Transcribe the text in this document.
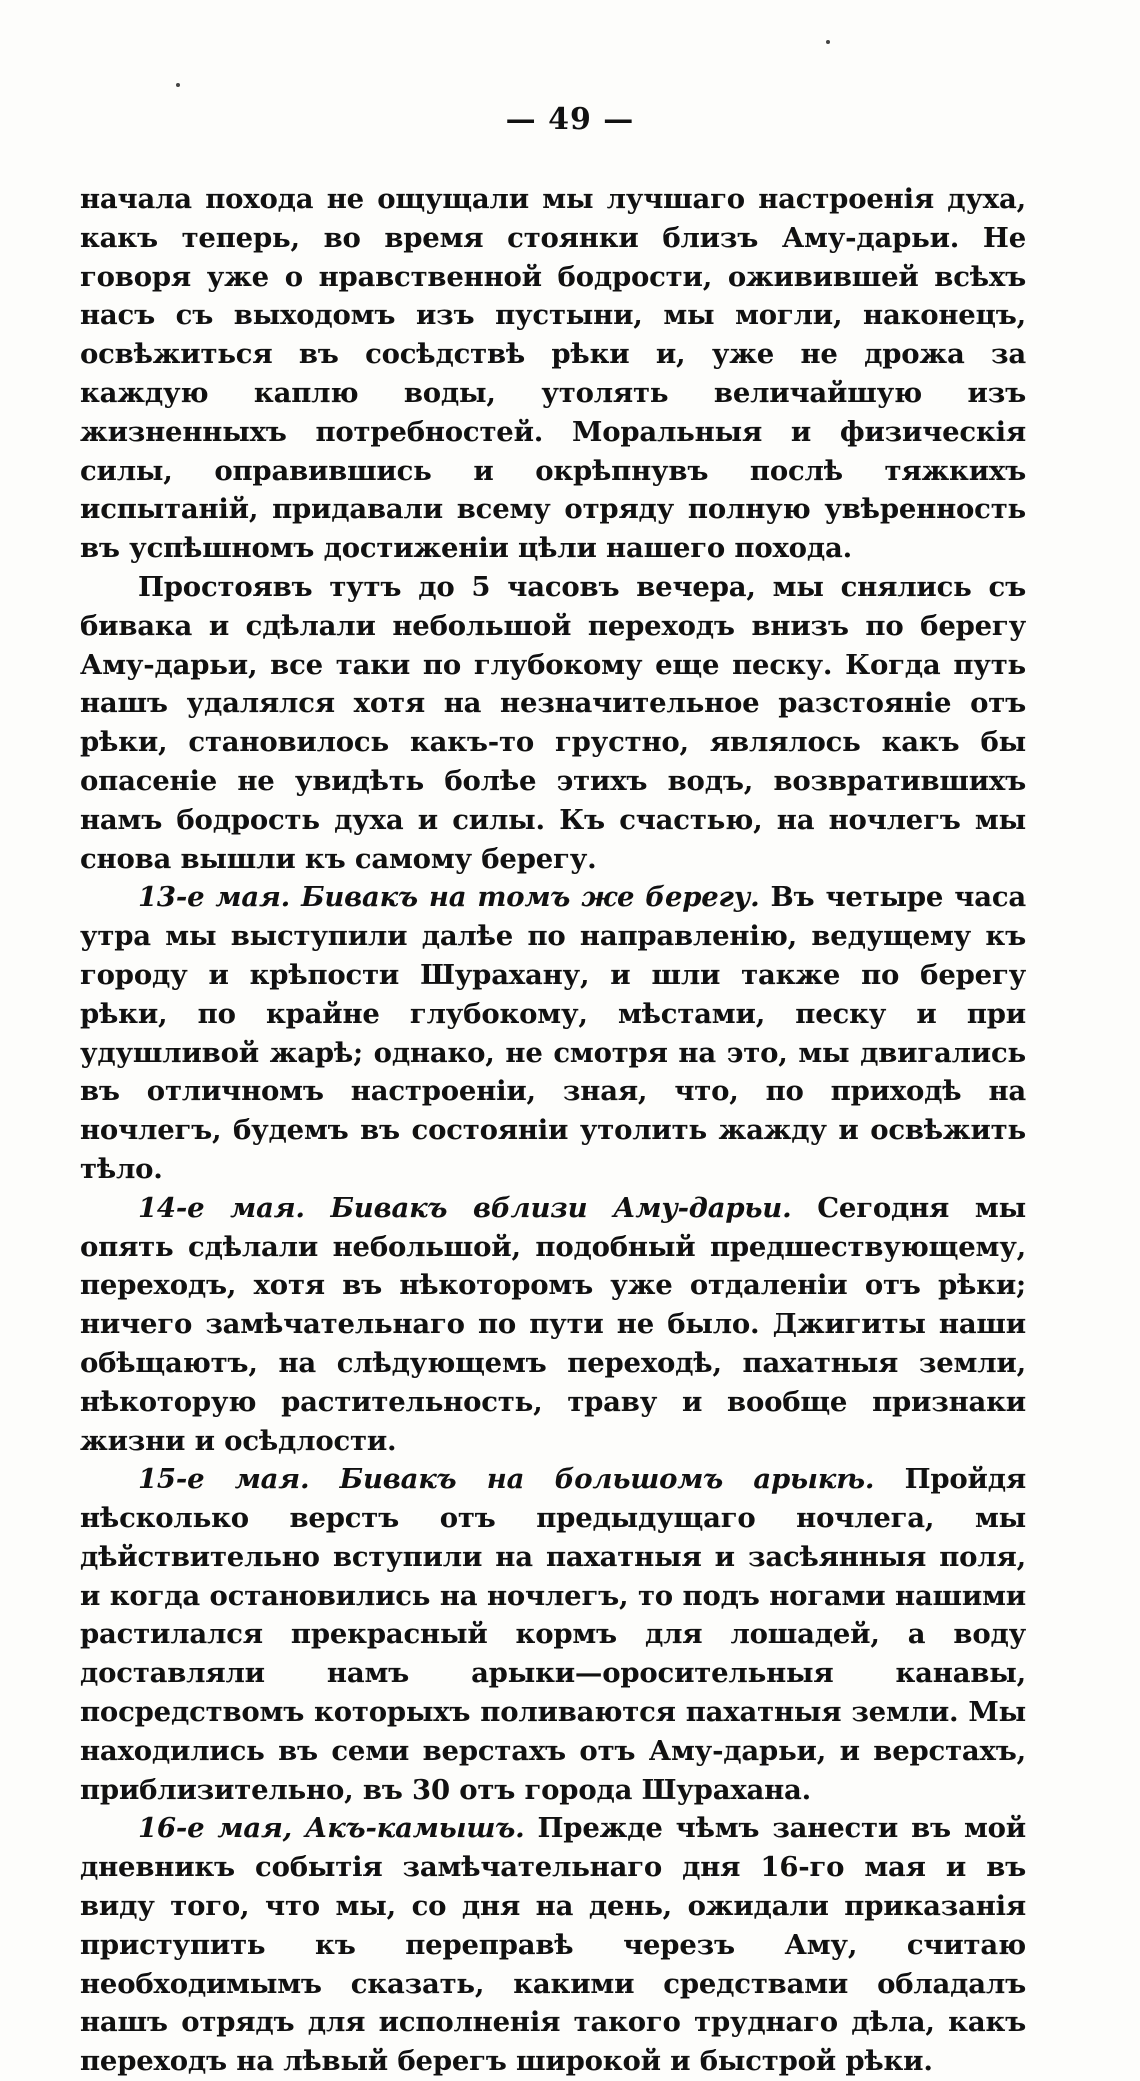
— 49 —

начала похода не ощущали мы лучшаго настроенія духа, какъ теперь, во время стоянки близъ Аму-дарьи. Не говоря уже о нравственной бодрости, оживившей всѣхъ насъ съ выходомъ изъ пустыни, мы могли, наконецъ, освѣжиться въ сосѣдствѣ рѣки и, уже не дрожа за каждую каплю воды, утолять величайшую изъ жизненныхъ потребностей. Моральныя и физическія силы, оправившись и окрѣпнувъ послѣ тяжкихъ испытаній, придавали всему отряду полную увѣренность въ успѣшномъ достиженіи цѣли нашего похода.

Простоявъ тутъ до 5 часовъ вечера, мы снялись съ бивака и сдѣлали небольшой переходъ внизъ по берегу Аму-дарьи, все таки по глубокому еще песку. Когда путь нашъ удалялся хотя на незначительное разстояніе отъ рѣки, становилось какъ-то грустно, являлось какъ бы опасеніе не увидѣть болѣе этихъ водъ, возвратившихъ намъ бодрость духа и силы. Къ счастью, на ночлегъ мы снова вышли къ самому берегу.

13-е мая. Бивакъ на томъ же берегу. Въ четыре часа утра мы выступили далѣе по направленію, ведущему къ городу и крѣпости Шурахану, и шли также по берегу рѣки, по крайне глубокому, мѣстами, песку и при удушливой жарѣ; однако, не смотря на это, мы двигались въ отличномъ настроеніи, зная, что, по приходѣ на ночлегъ, будемъ въ состояніи утолить жажду и освѣжить тѣло.

14-е мая. Бивакъ вблизи Аму-дарьи. Сегодня мы опять сдѣлали небольшой, подобный предшествующему, переходъ, хотя въ нѣкоторомъ уже отдаленіи отъ рѣки; ничего замѣчательнаго по пути не было. Джигиты наши обѣщаютъ, на слѣдующемъ переходѣ, пахатныя земли, нѣкоторую растительность, траву и вообще признаки жизни и осѣдлости.

15-е мая. Бивакъ на большомъ арыкѣ. Пройдя нѣсколько верстъ отъ предыдущаго ночлега, мы дѣйствительно вступили на пахатныя и засѣянныя поля, и когда остановились на ночлегъ, то подъ ногами нашими растилался прекрасный кормъ для лошадей, а воду доставляли намъ арыки—оросительныя канавы, посредствомъ которыхъ поливаются пахатныя земли. Мы находились въ семи верстахъ отъ Аму-дарьи, и верстахъ, приблизительно, въ 30 отъ города Шурахана.

16-е мая, Акъ-камышъ. Прежде чѣмъ занести въ мой дневникъ событія замѣчательнаго дня 16-го мая и въ виду того, что мы, со дня на день, ожидали приказанія приступить къ переправѣ черезъ Аму, считаю необходимымъ сказать, какими средствами обладалъ нашъ отрядъ для исполненія такого труднаго дѣла, какъ переходъ на лѣвый берегъ широкой и быстрой рѣки.
